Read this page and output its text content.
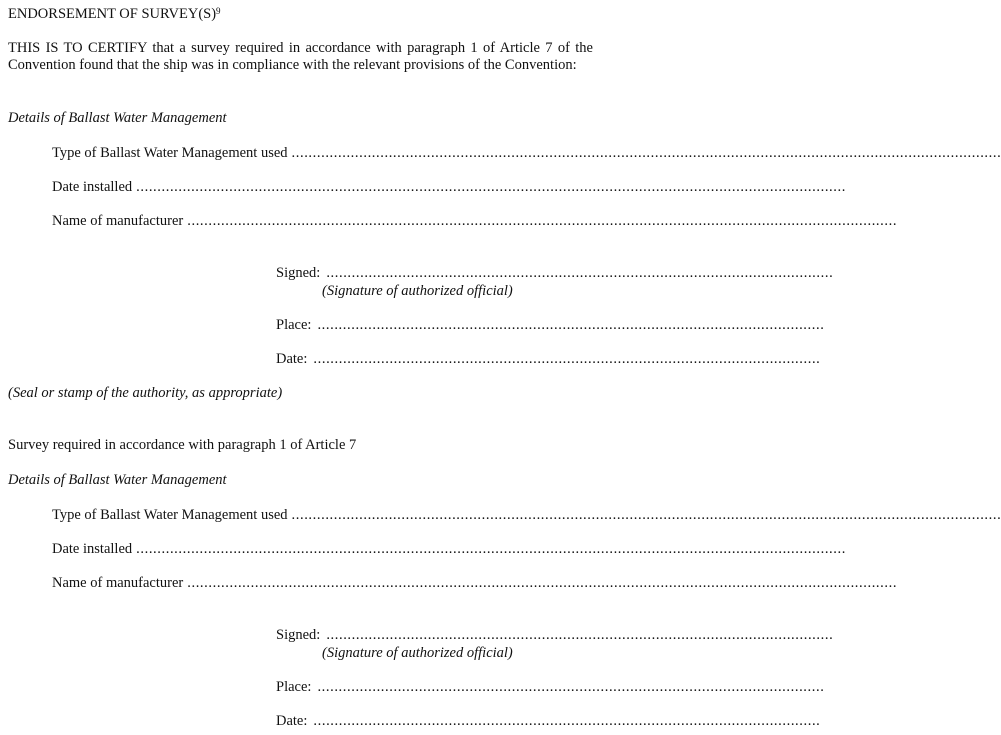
ENDORSEMENT OF $SURVEY(S)^9$
THIS IS TO CERTIFY that a survey required in accordance with paragraph 1 of Article 7 of the Convention found that the ship was in compliance with the relevant provisions of the Convention:
Details of Ballast Water Management
Type of Ballast Water Management used ........................................................................................................................................................................
Date installed ........................................................................................................................................................................
Name of manufacturer ........................................................................................................................................................................
Signed: ........................................................................................................................
(Signature of authorized official)
Place: ........................................................................................................................
Date: ........................................................................................................................
(Seal or stamp of the authority, as appropriate)
Survey required in accordance with paragraph 1 of Article 7
Details of Ballast Water Management
Type of Ballast Water Management used ........................................................................................................................................................................
Date installed ........................................................................................................................................................................
Name of manufacturer ........................................................................................................................................................................
Signed: ........................................................................................................................
(Signature of authorized official)
Place: ........................................................................................................................
Date: ........................................................................................................................
